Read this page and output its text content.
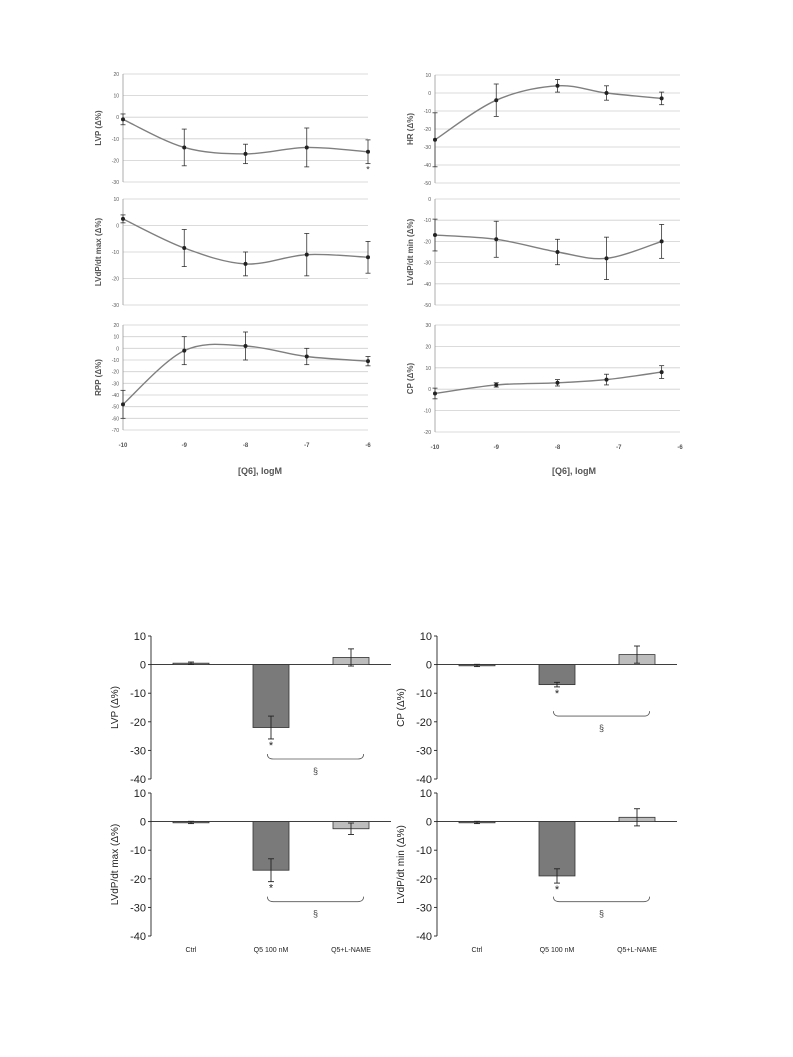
[Q6], logM	[Q6], logM
-30
-20
-10
0
10
20
LVP (Δ%)
*
-50
-40
-30
-20
-10
0
10
HR (Δ%)
-30
-20
-10
0
10
LVdP/dt max (Δ%)
-50
-40
-30
-20
-10
0
LVdP/dt min (Δ%)
-70
-60
-50
-40
-30
-20
-10
0
10
20
RPP (Δ%)
-10	-9	-8	-7	-6
-20
-10
0
10
20
30
CP (Δ%)
-10	-9	-8	-7	-6
-40
-30
-20
-10
0
10
LVP (Δ%)
*
§
-40
-30
-20
-10
0
10
CP (Δ%)	*
§
-40
-30
-20
-10
0
10
LVdP/dt max (Δ%)	*
Ctrl	Q5 100 nM	Q5+L-NAME
§
-40
-30
-20
-10
0
10
LVdP/dt min (Δ%)	*
Ctrl	Q5 100 nM	Q5+L-NAME
§
